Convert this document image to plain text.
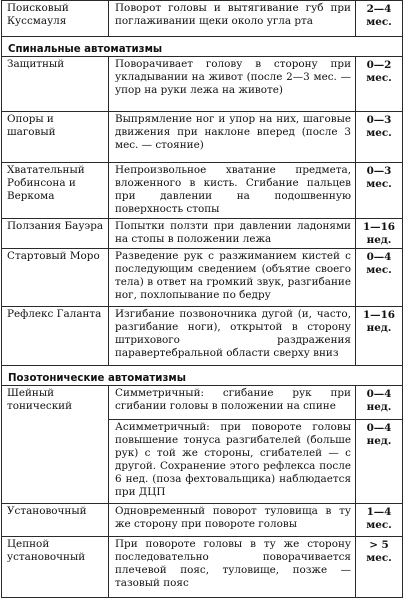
Поисковый Куссмауля	Поворот головы и вытягивание губ при поглаживании щеки около угла рта	2—4
мес.

Спинальные автоматизмы		
Защитный	Поворачивает голову в сторону при укладывании на живот (после 2—3 мес. — упор на руки лежа на животе)	0—2
мес.

Опоры и шаговый	Выпрямление ног и упор на них, шаговые движения при наклоне вперед (после 3 мес. — стояние)	0—3
мес.

Хватательный Робинсона и Веркома	Непроизвольное хватание предмета, вложенного в кисть. Сгибание пальцев при давлении на подошвенную поверхность стопы	0—3
мес.

Ползания Бауэра	Попытки ползти при давлении ладонями на стопы в положении лежа	1—16
нед.

Стартовый Моро	Разведение рук с разжиманием кистей с последующим сведением (объятие своего тела) в ответ на громкий звук, разгибание ног, похлопывание по бедру	0—4
мес.

Рефлекс Галанта	Изгибание позвоночника дугой (и, часто, разгибание ноги), открытой в сторону штрихового раздражения паравертебральной области сверху вниз	1—16
нед.

Позотонические автоматизмы		
Шейный тонический	Симметричный: сгибание рук при сгибании головы в положении на спине	0—4
нед.

	Асимметричный: при повороте головы повышение тонуса разгибателей (больше рук) с той же стороны, сгибателей — с другой. Сохранение этого рефлекса после 6 нед. (поза фехтовальщика) наблюдается при ДЦП	0—4
нед.

Установочный	Одновременный поворот туловища в ту же сторону при повороте головы	1—4
мес.

Цепной установочный	При повороте головы в ту же сторону последовательно поворачивается плечевой пояс, туловище, позже — тазовый пояс	> 5
мес.
